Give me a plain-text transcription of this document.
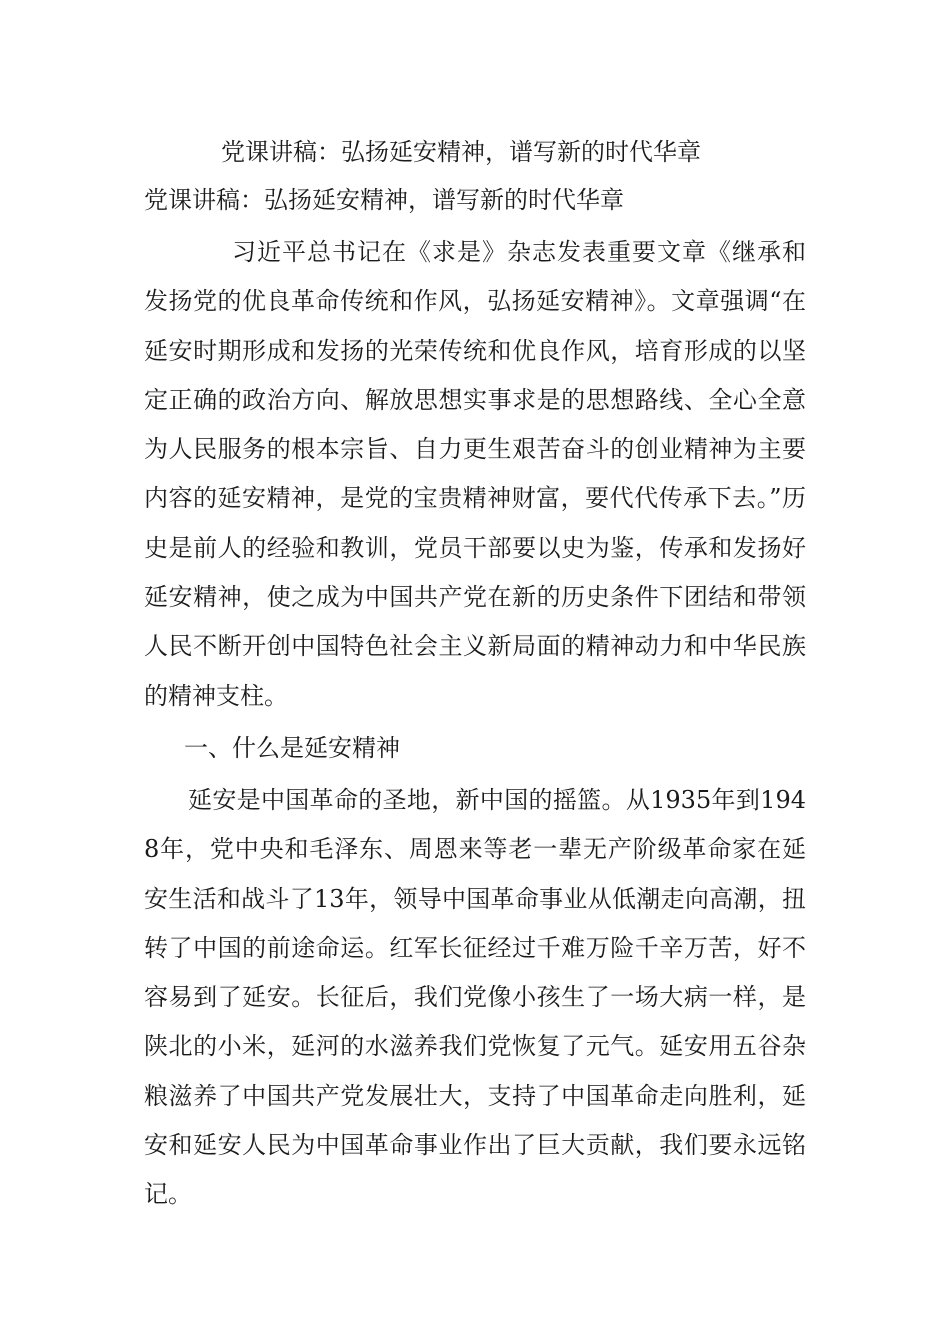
党课讲稿：弘扬延安精神，谱写新的时代华章
党课讲稿：弘扬延安精神，谱写新的时代华章
习近平总书记在《求是》杂志发表重要文章《继承和发扬党的优良革命传统和作风，弘扬延安精神》。文章强调“在延安时期形成和发扬的光荣传统和优良作风，培育形成的以坚定正确的政治方向、解放思想实事求是的思想路线、全心全意为人民服务的根本宗旨、自力更生艰苦奋斗的创业精神为主要内容的延安精神，是党的宝贵精神财富，要代代传承下去。”历史是前人的经验和教训，党员干部要以史为鉴，传承和发扬好延安精神，使之成为中国共产党在新的历史条件下团结和带领人民不断开创中国特色社会主义新局面的精神动力和中华民族的精神支柱。
一、什么是延安精神
延安是中国革命的圣地，新中国的摇篮。从1935年到1948年，党中央和毛泽东、周恩来等老一辈无产阶级革命家在延安生活和战斗了13年，领导中国革命事业从低潮走向高潮，扭转了中国的前途命运。红军长征经过千难万险千辛万苦，好不容易到了延安。长征后，我们党像小孩生了一场大病一样，是陕北的小米，延河的水滋养我们党恢复了元气。延安用五谷杂粮滋养了中国共产党发展壮大，支持了中国革命走向胜利，延安和延安人民为中国革命事业作出了巨大贡献，我们要永远铭记。
